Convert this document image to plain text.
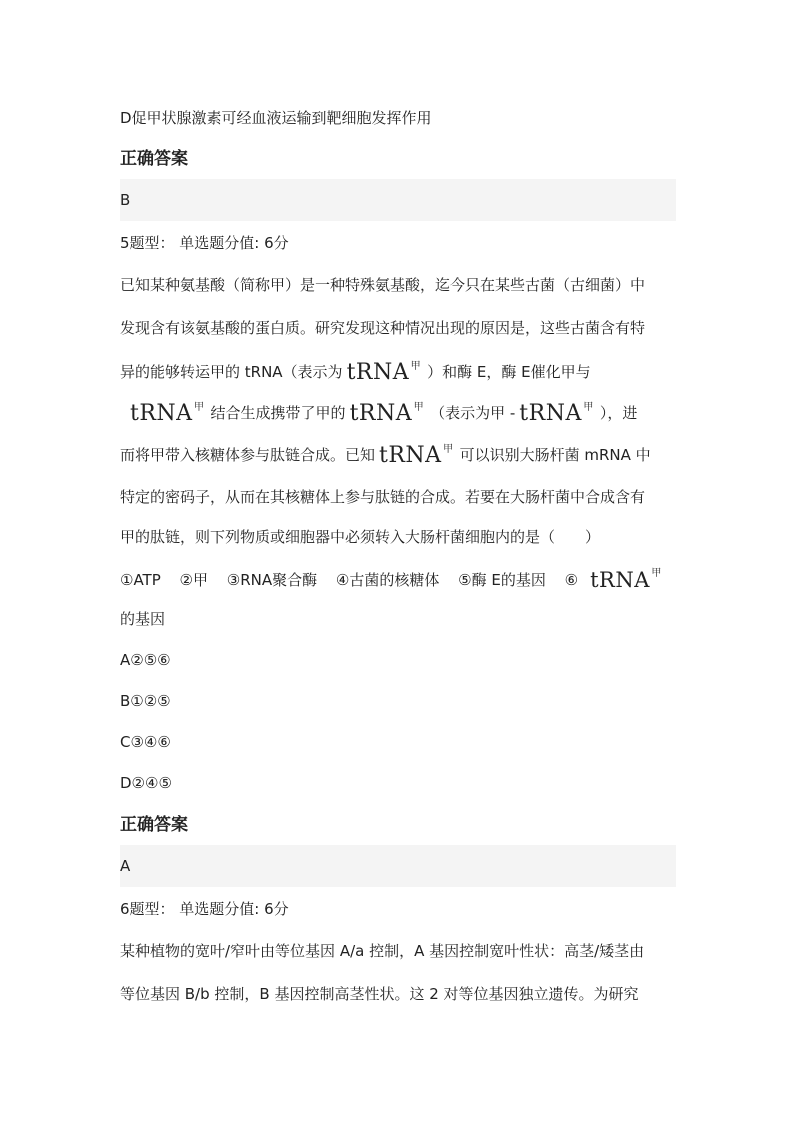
D促甲状腺激素可经血液运输到靶细胞发挥作用
正确答案
B
5题型： 单选题分值: 6分
已知某种氨基酸（简称甲）是一种特殊氨基酸，迄今只在某些古菌（古细菌）中
发现含有该氨基酸的蛋白质。研究发现这种情况出现的原因是，这些古菌含有特
异的能够转运甲的 tRNA（表示为 tRNA 甲 ）和酶 E，酶 E催化甲与
tRNA 甲 结合生成携带了甲的 tRNA 甲 （表示为甲 - tRNA 甲 ），进
而将甲带入核糖体参与肽链合成。已知 tRNA 甲 可以识别大肠杆菌 mRNA 中
特定的密码子，从而在其核糖体上参与肽链的合成。若要在大肠杆菌中合成含有
甲的肽链，则下列物质或细胞器中必须转入大肠杆菌细胞内的是（　　）
①ATP ②甲 ③RNA聚合酶 ④古菌的核糖体 ⑤酶 E的基因 ⑥ tRNA 甲
的基因
A②⑤⑥
B①②⑤
C③④⑥
D②④⑤
正确答案
A
6题型： 单选题分值: 6分
某种植物的宽叶/窄叶由等位基因 A/a 控制，A 基因控制宽叶性状：高茎/矮茎由
等位基因 B/b 控制，B 基因控制高茎性状。这 2 对等位基因独立遗传。为研究
